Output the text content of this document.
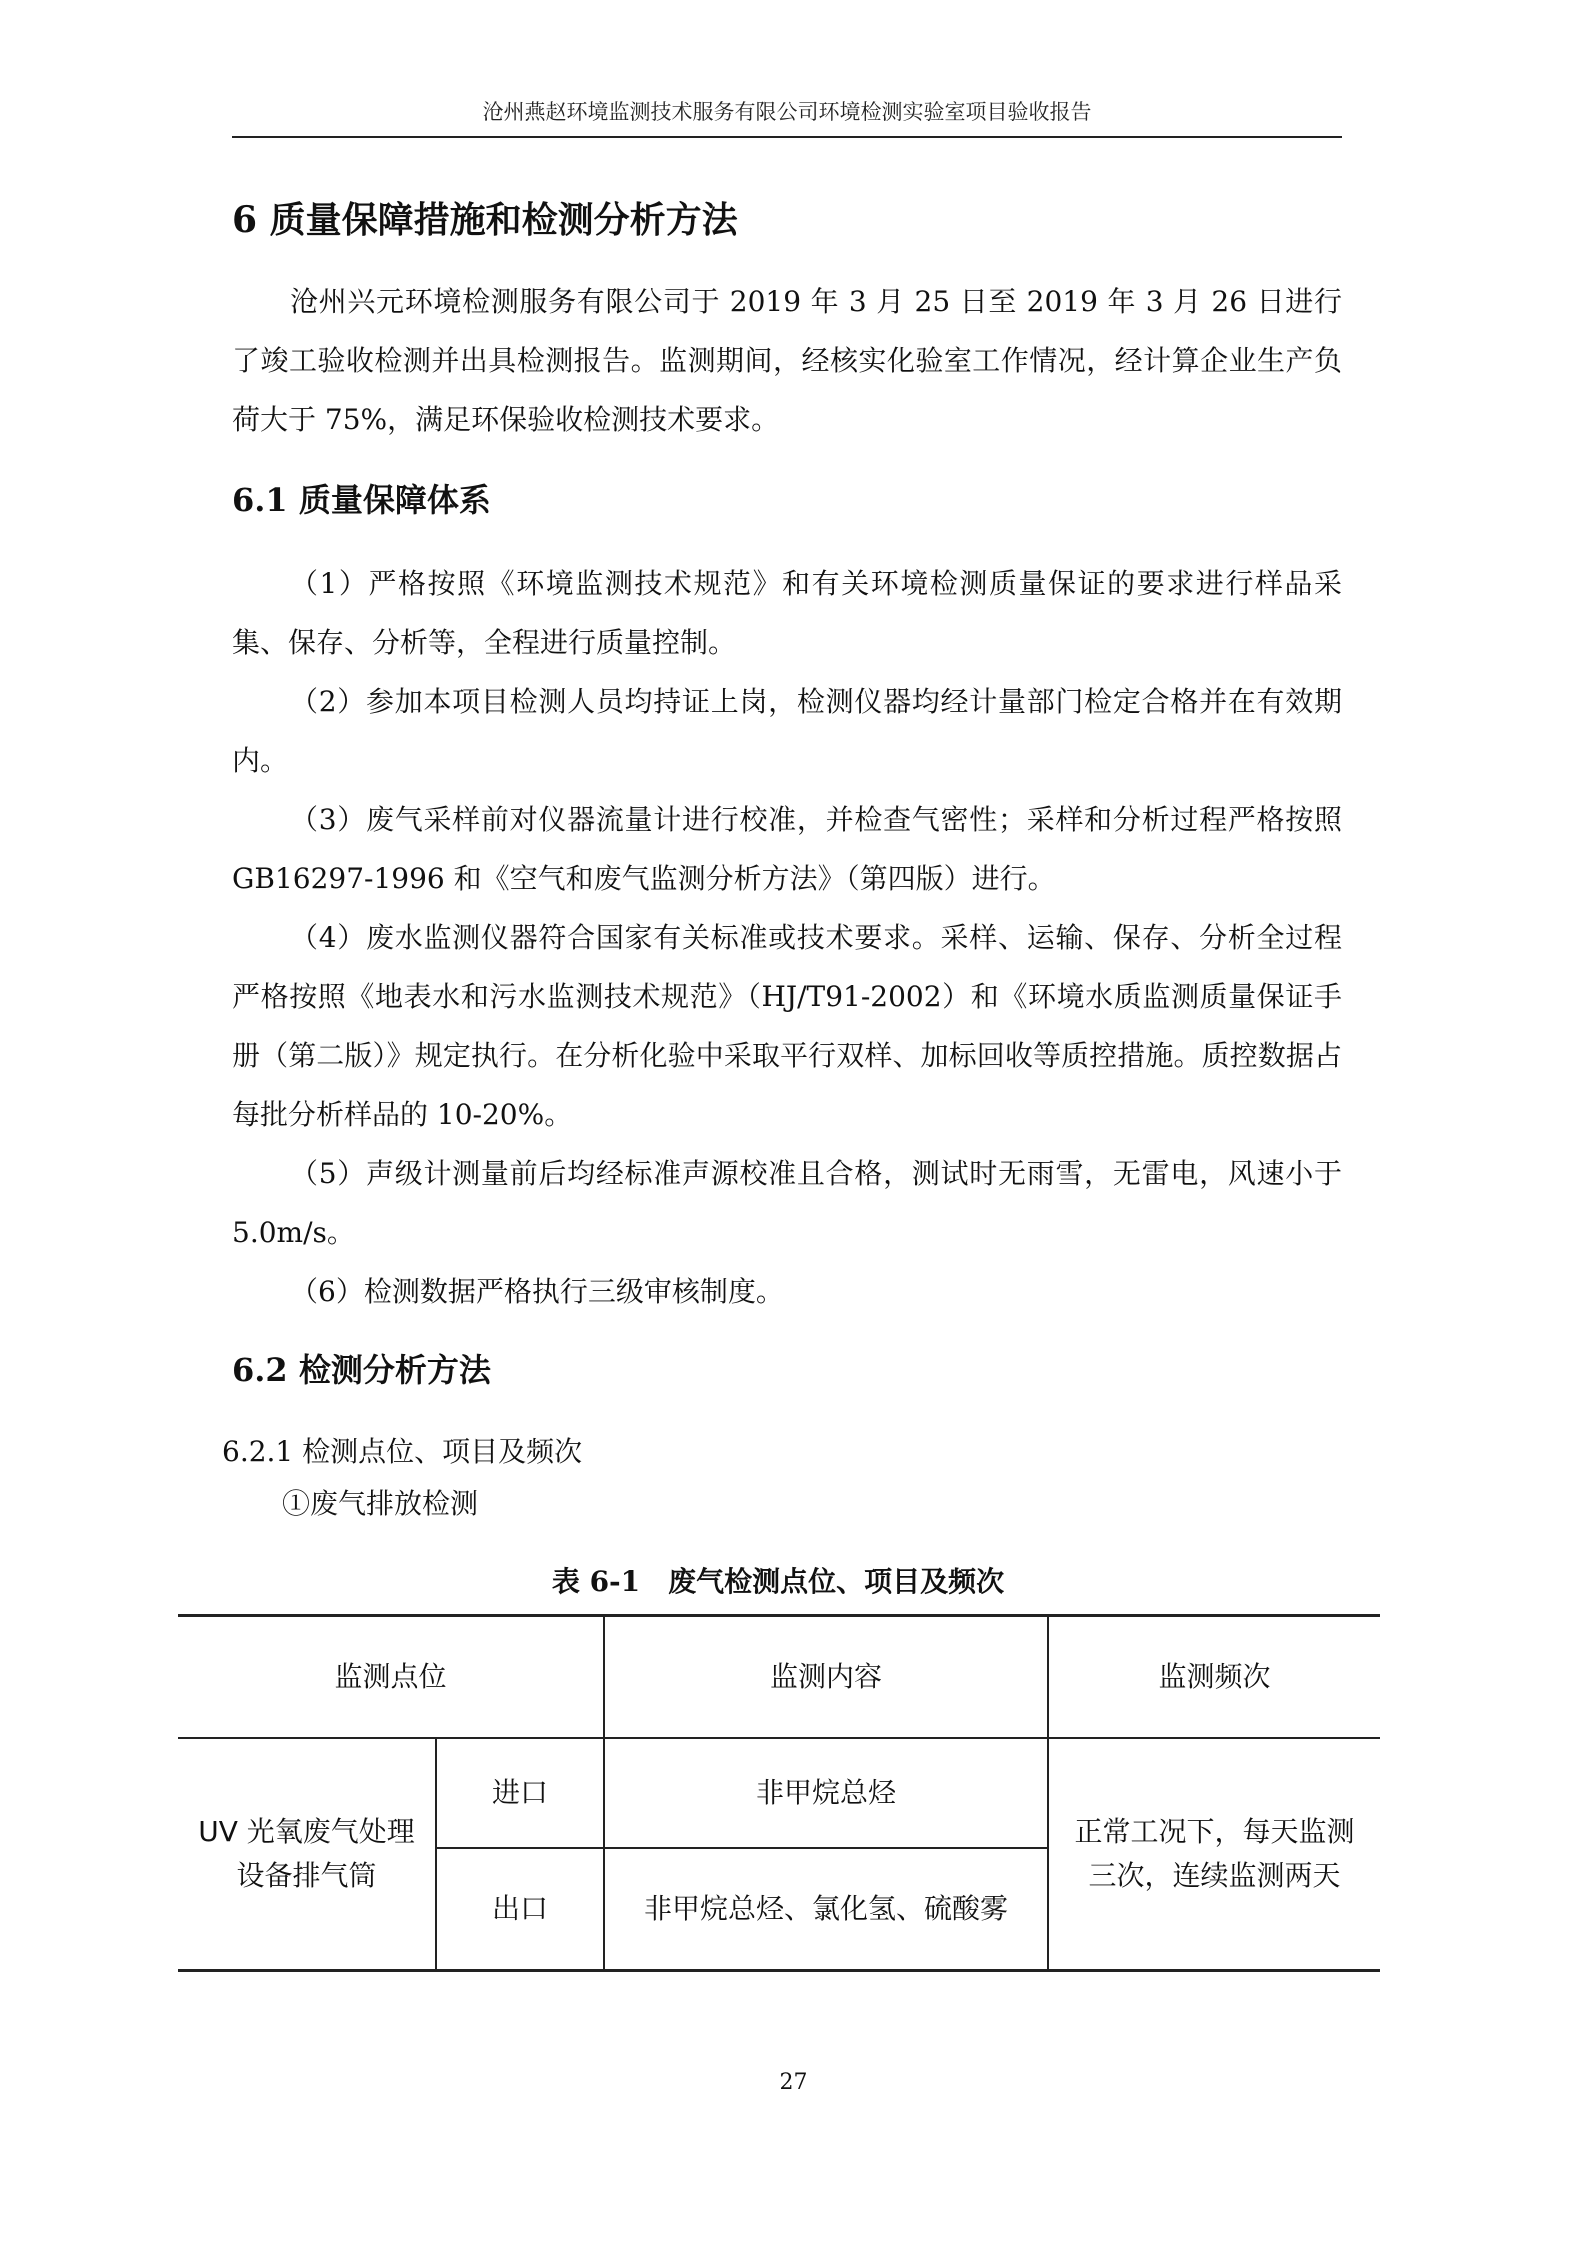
沧州燕赵环境监测技术服务有限公司环境检测实验室项目验收报告
6 质量保障措施和检测分析方法

沧州兴元环境检测服务有限公司于 2019 年 3 月 25 日至 2019 年 3 月 26 日进行了竣工验收检测并出具检测报告。监测期间，经核实化验室工作情况，经计算企业生产负荷大于 75%，满足环保验收检测技术要求。

6.1 质量保障体系

（1）严格按照《环境监测技术规范》和有关环境检测质量保证的要求进行样品采集、保存、分析等，全程进行质量控制。

（2）参加本项目检测人员均持证上岗，检测仪器均经计量部门检定合格并在有效期内。

（3）废气采样前对仪器流量计进行校准，并检查气密性；采样和分析过程严格按照 GB16297-1996 和《空气和废气监测分析方法》（第四版）进行。

（4）废水监测仪器符合国家有关标准或技术要求。采样、运输、保存、分析全过程严格按照《地表水和污水监测技术规范》（HJ/T91-2002）和《环境水质监测质量保证手册（第二版）》规定执行。在分析化验中采取平行双样、加标回收等质控措施。质控数据占每批分析样品的 10-20%。

（5）声级计测量前后均经标准声源校准且合格，测试时无雨雪，无雷电，风速小于 5.0m/s。

（6）检测数据严格执行三级审核制度。

6.2 检测分析方法
6.2.1 检测点位、项目及频次
①废气排放检测
表 6-1　废气检测点位、项目及频次
监测点位		监测内容	监测频次
UV 光氧废气处理设备排气筒	进口	非甲烷总烃	正常工况下，每天监测三次，连续监测两天
	出口	非甲烷总烃、氯化氢、硫酸雾	
27
